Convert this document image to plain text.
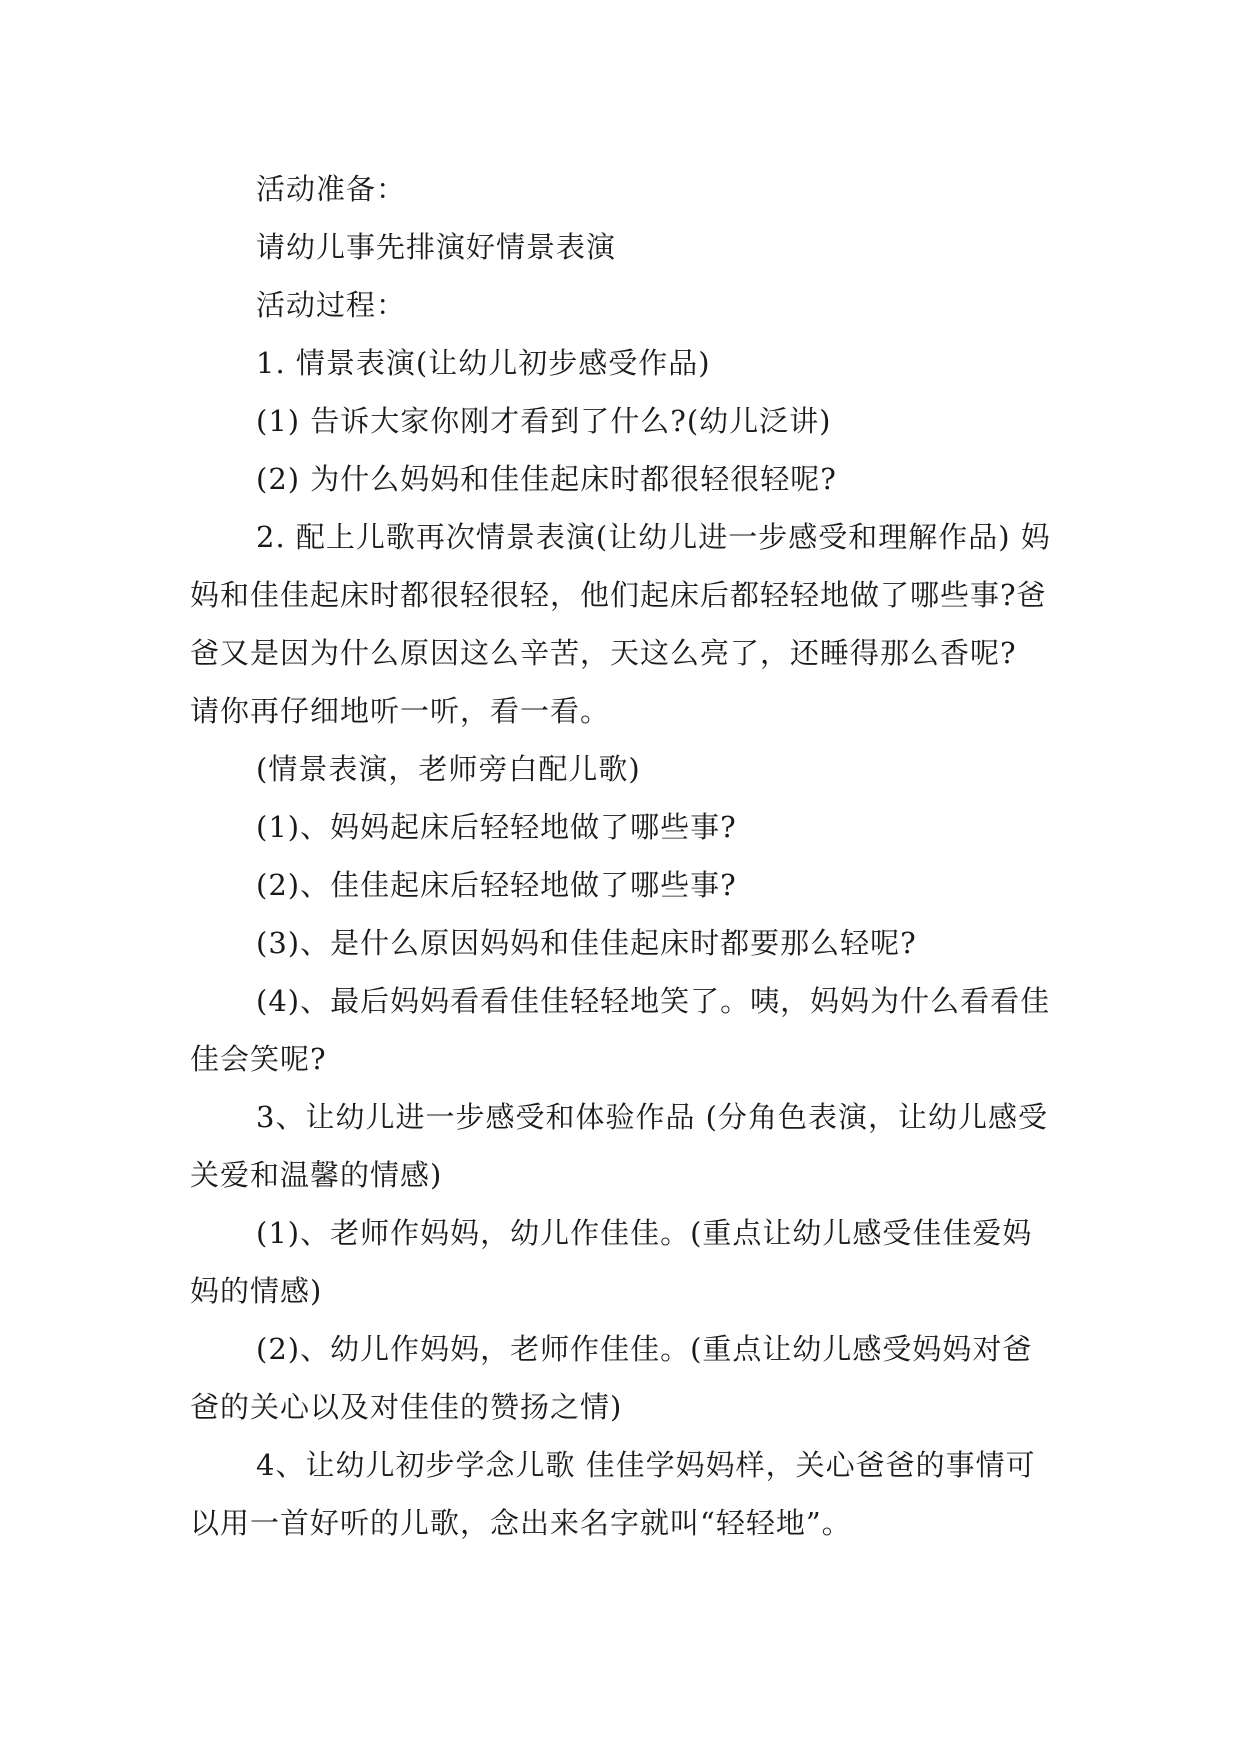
活动准备：

请幼儿事先排演好情景表演

活动过程：

1. 情景表演(让幼儿初步感受作品)

(1) 告诉大家你刚才看到了什么?(幼儿泛讲)

(2) 为什么妈妈和佳佳起床时都很轻很轻呢?

2. 配上儿歌再次情景表演(让幼儿进一步感受和理解作品) 妈妈和佳佳起床时都很轻很轻，他们起床后都轻轻地做了哪些事?爸爸又是因为什么原因这么辛苦，天这么亮了，还睡得那么香呢? 请你再仔细地听一听，看一看。

(情景表演，老师旁白配儿歌)

(1)、妈妈起床后轻轻地做了哪些事?

(2)、佳佳起床后轻轻地做了哪些事?

(3)、是什么原因妈妈和佳佳起床时都要那么轻呢?

(4)、最后妈妈看看佳佳轻轻地笑了。咦，妈妈为什么看看佳佳会笑呢?

3、让幼儿进一步感受和体验作品 (分角色表演，让幼儿感受关爱和温馨的情感)

(1)、老师作妈妈，幼儿作佳佳。(重点让幼儿感受佳佳爱妈妈的情感)

(2)、幼儿作妈妈，老师作佳佳。(重点让幼儿感受妈妈对爸爸的关心以及对佳佳的赞扬之情)

4、让幼儿初步学念儿歌 佳佳学妈妈样，关心爸爸的事情可以用一首好听的儿歌，念出来名字就叫“轻轻地”。
